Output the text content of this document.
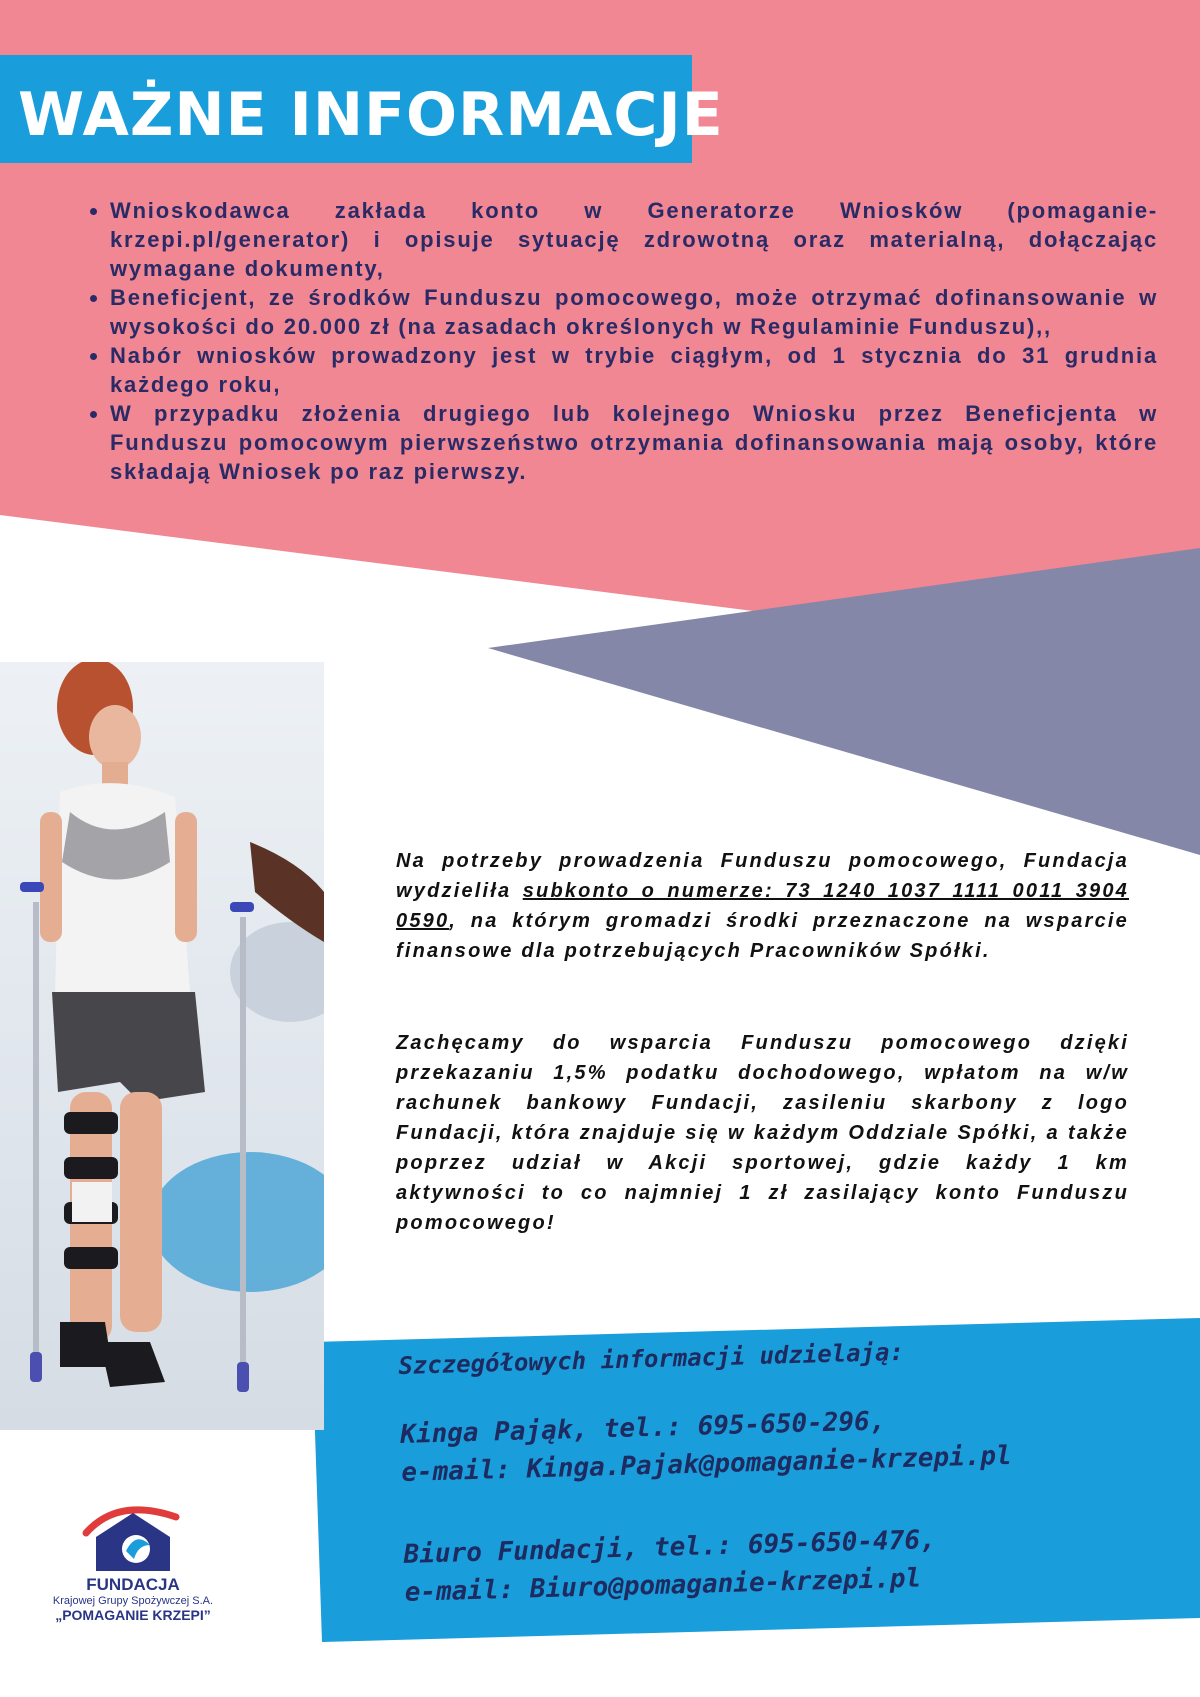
WAŻNE INFORMACJE
• Wnioskodawca zakłada konto w Generatorze Wniosków (pomaganie-krzepi.pl/generator) i opisuje sytuację zdrowotną oraz materialną, dołączając wymagane dokumenty,
• Beneficjent, ze środków Funduszu pomocowego, może otrzymać dofinansowanie w wysokości do 20.000 zł (na zasadach określonych w Regulaminie Funduszu),,
• Nabór wniosków prowadzony jest w trybie ciągłym, od 1 stycznia do 31 grudnia każdego roku,
• W przypadku złożenia drugiego lub kolejnego Wniosku przez Beneficjenta w Funduszu pomocowym pierwszeństwo otrzymania dofinansowania mają osoby, które składają Wniosek po raz pierwszy.

Na potrzeby prowadzenia Funduszu pomocowego, Fundacja wydzieliła subkonto o numerze: 73 1240 1037 1111 0011 3904 0590, na którym gromadzi środki przeznaczone na wsparcie finansowe dla potrzebujących Pracowników Spółki.

Zachęcamy do wsparcia Funduszu pomocowego dzięki przekazaniu 1,5% podatku dochodowego, wpłatom na w/w rachunek bankowy Fundacji, zasileniu skarbony z logo Fundacji, która znajduje się w każdym Oddziale Spółki, a także poprzez udział w Akcji sportowej, gdzie każdy 1 km aktywności to co najmniej 1 zł zasilający konto Funduszu pomocowego!

Szczegółowych informacji udzielają:
Kinga Pająk, tel.: 695-650-296,
e-mail: Kinga.Pajak@pomaganie-krzepi.pl
Biuro Fundacji, tel.: 695-650-476,
e-mail: Biuro@pomaganie-krzepi.pl
FUNDACJA
Krajowej Grupy Spożywczej S.A.
„POMAGANIE KRZEPI”
